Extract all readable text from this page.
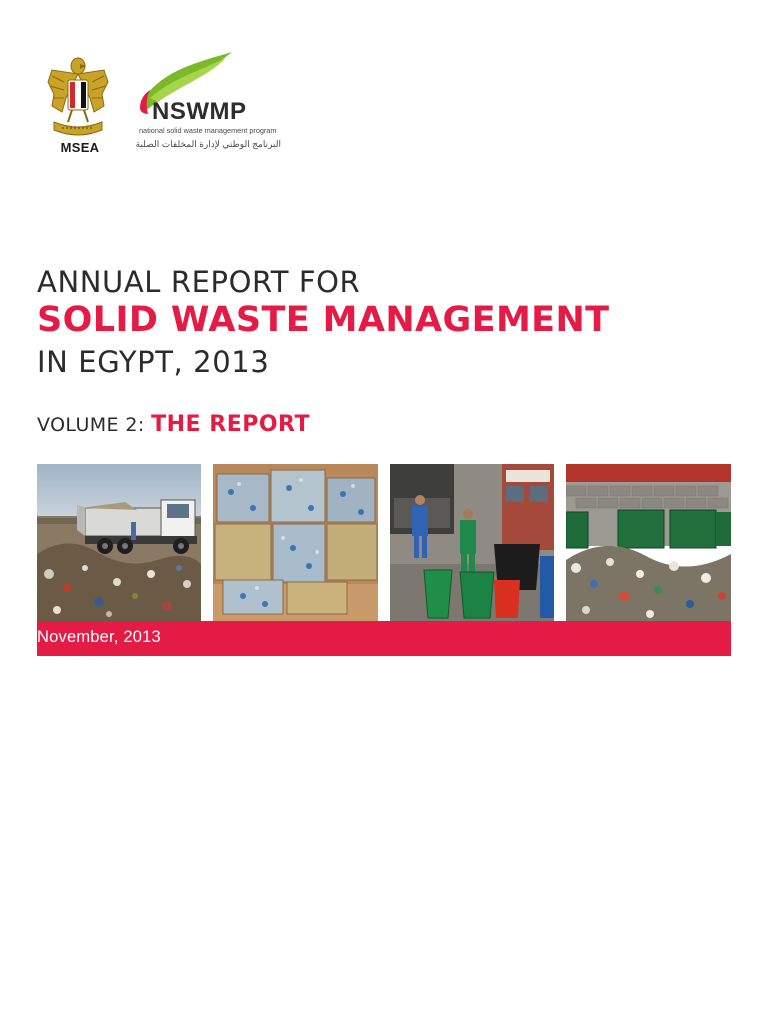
MSEA
NSWMP
national solid waste management program
البرنامج الوطني لإدارة المخلفات الصلبة
ANNUAL REPORT FOR
SOLID WASTE MANAGEMENT
IN EGYPT, 2013
VOLUME 2: THE REPORT
November, 2013
